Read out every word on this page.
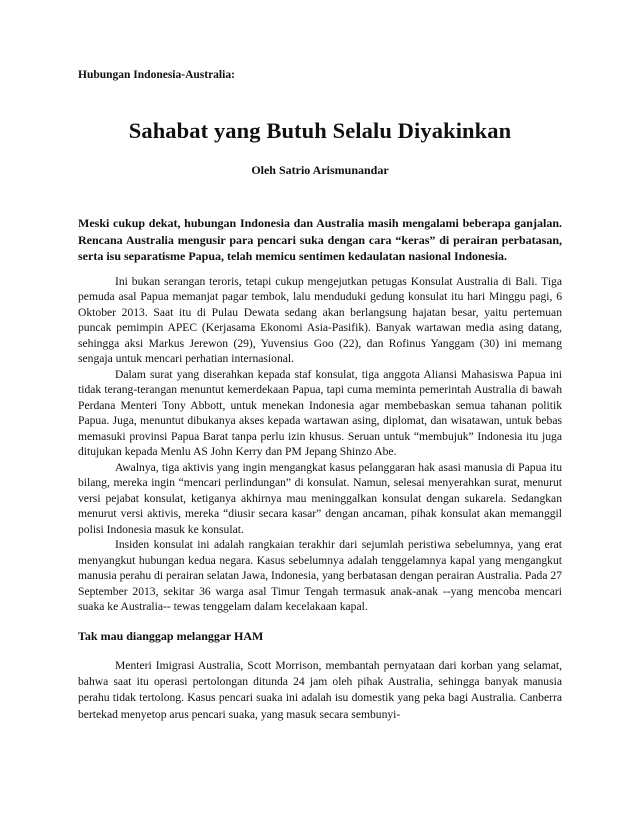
Hubungan Indonesia-Australia:

Sahabat yang Butuh Selalu Diyakinkan

Oleh Satrio Arismunandar

Meski cukup dekat, hubungan Indonesia dan Australia masih mengalami beberapa ganjalan. Rencana Australia mengusir para pencari suka dengan cara “keras” di perairan perbatasan, serta isu separatisme Papua, telah memicu sentimen kedaulatan nasional Indonesia.

Ini bukan serangan teroris, tetapi cukup mengejutkan petugas Konsulat Australia di Bali. Tiga pemuda asal Papua memanjat pagar tembok, lalu menduduki gedung konsulat itu hari Minggu pagi, 6 Oktober 2013. Saat itu di Pulau Dewata sedang akan berlangsung hajatan besar, yaitu pertemuan puncak pemimpin APEC (Kerjasama Ekonomi Asia-Pasifik). Banyak wartawan media asing datang, sehingga aksi Markus Jerewon (29), Yuvensius Goo (22), dan Rofinus Yanggam (30) ini memang sengaja untuk mencari perhatian internasional.

Dalam surat yang diserahkan kepada staf konsulat, tiga anggota Aliansi Mahasiswa Papua ini tidak terang-terangan menuntut kemerdekaan Papua, tapi cuma meminta pemerintah Australia di bawah Perdana Menteri Tony Abbott, untuk menekan Indonesia agar membebaskan semua tahanan politik Papua. Juga, menuntut dibukanya akses kepada wartawan asing, diplomat, dan wisatawan, untuk bebas memasuki provinsi Papua Barat tanpa perlu izin khusus. Seruan untuk “membujuk” Indonesia itu juga ditujukan kepada Menlu AS John Kerry dan PM Jepang Shinzo Abe.

Awalnya, tiga aktivis yang ingin mengangkat kasus pelanggaran hak asasi manusia di Papua itu bilang, mereka ingin “mencari perlindungan” di konsulat. Namun, selesai menyerahkan surat, menurut versi pejabat konsulat, ketiganya akhirnya mau meninggalkan konsulat dengan sukarela. Sedangkan menurut versi aktivis, mereka “diusir secara kasar” dengan ancaman, pihak konsulat akan memanggil polisi Indonesia masuk ke konsulat.

Insiden konsulat ini adalah rangkaian terakhir dari sejumlah peristiwa sebelumnya, yang erat menyangkut hubungan kedua negara. Kasus sebelumnya adalah tenggelamnya kapal yang mengangkut manusia perahu di perairan selatan Jawa, Indonesia, yang berbatasan dengan perairan Australia. Pada 27 September 2013, sekitar 36 warga asal Timur Tengah termasuk anak-anak --yang mencoba mencari suaka ke Australia-- tewas tenggelam dalam kecelakaan kapal.

Tak mau dianggap melanggar HAM

Menteri Imigrasi Australia, Scott Morrison, membantah pernyataan dari korban yang selamat, bahwa saat itu operasi pertolongan ditunda 24 jam oleh pihak Australia, sehingga banyak manusia perahu tidak tertolong. Kasus pencari suaka ini adalah isu domestik yang peka bagi Australia. Canberra bertekad menyetop arus pencari suaka, yang masuk secara sembunyi-
